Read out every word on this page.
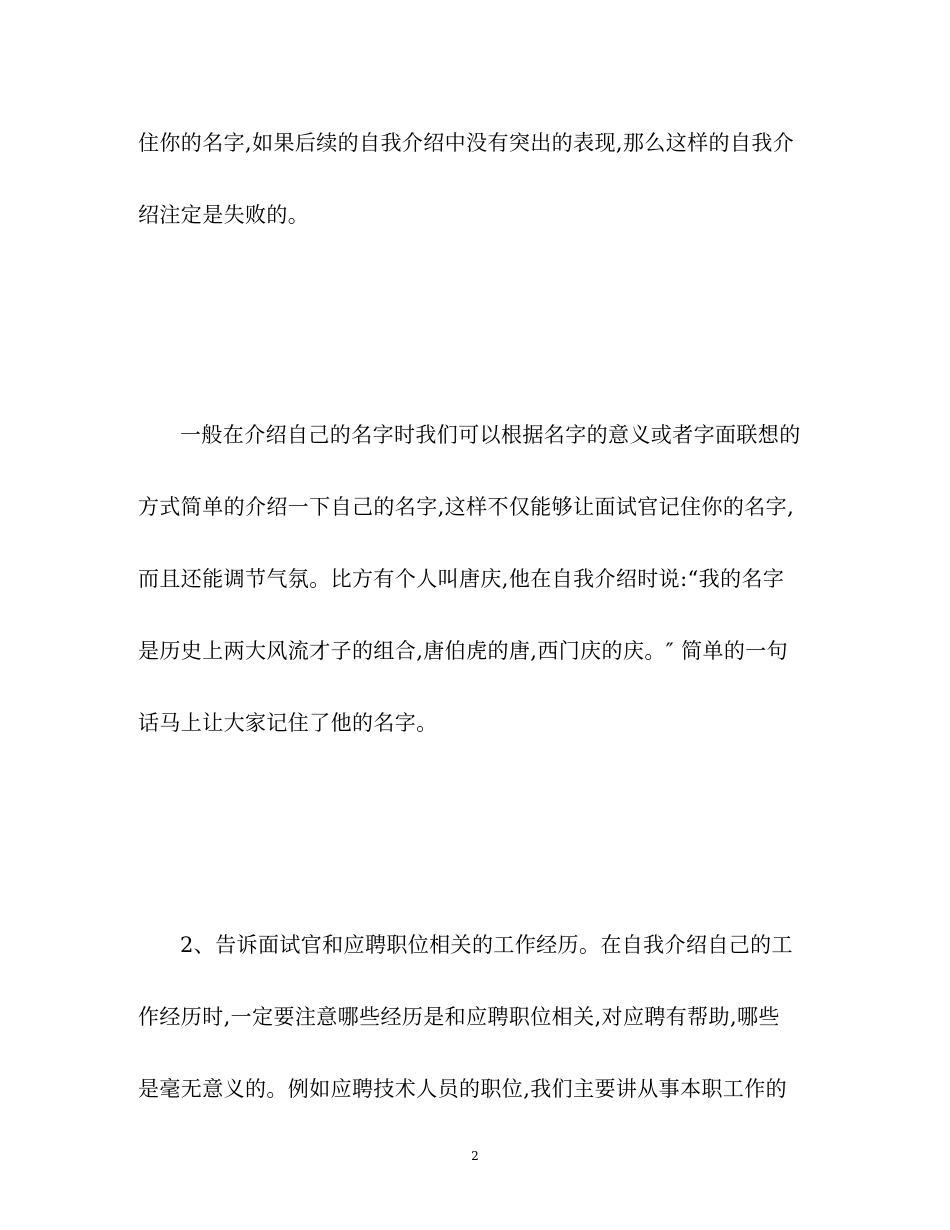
住你的名字,如果后续的自我介绍中没有突出的表现,那么这样的自我介
绍注定是失败的。
一般在介绍自己的名字时我们可以根据名字的意义或者字面联想的
方式简单的介绍一下自己的名字,这样不仅能够让面试官记住你的名字,
而且还能调节气氛。比方有个人叫唐庆,他在自我介绍时说:“我的名字
是历史上两大风流才子的组合,唐伯虎的唐,西门庆的庆。″ 简单的一句
话马上让大家记住了他的名字。
2、告诉面试官和应聘职位相关的工作经历。在自我介绍自己的工
作经历时,一定要注意哪些经历是和应聘职位相关,对应聘有帮助,哪些
是毫无意义的。例如应聘技术人员的职位,我们主要讲从事本职工作的
2
